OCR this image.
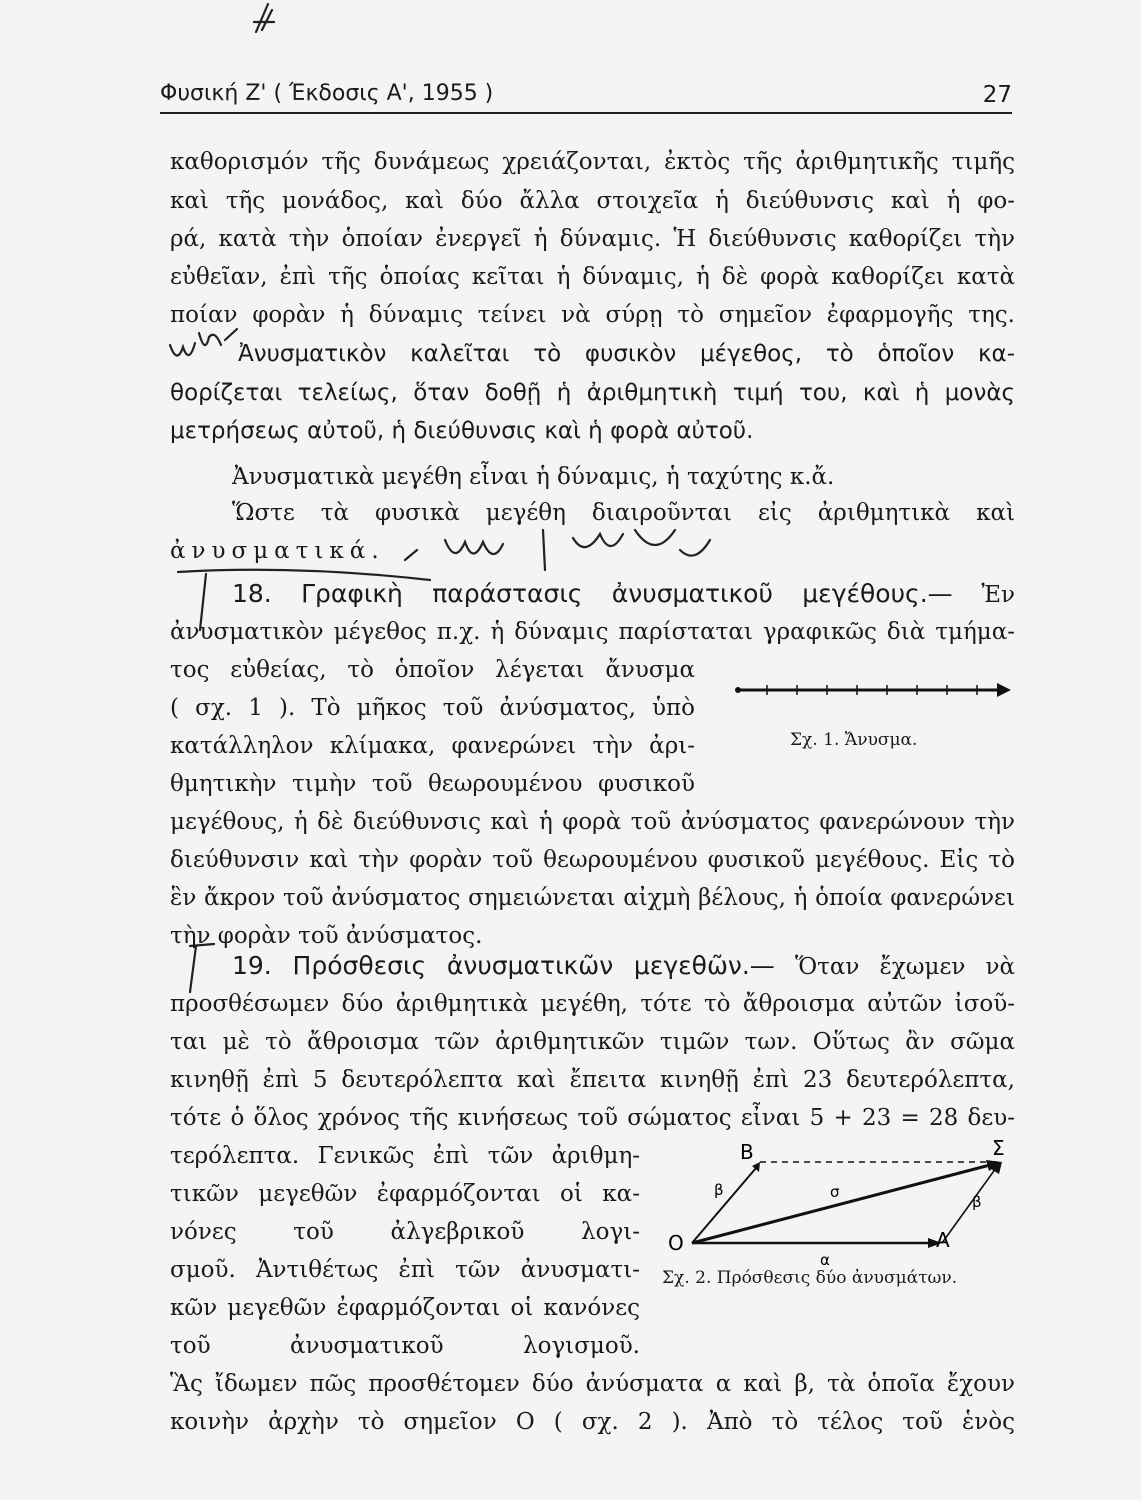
Φυσική Ζ' ( Έκδοσις Α', 1955 )	27
καθορισμόν τῆς δυνάμεως χρειάζονται, ἐκτὸς τῆς ἀριθμητικῆς τιμῆς
καὶ τῆς μονάδος, καὶ δύο ἄλλα στοιχεῖα ἡ διεύθυνσις καὶ ἡ φο-
ρά, κατὰ τὴν ὁποίαν ἐνεργεῖ ἡ δύναμις. Ἡ διεύθυνσις καθορίζει τὴν
εὐθεῖαν, ἐπὶ τῆς ὁποίας κεῖται ἡ δύναμις, ἡ δὲ φορὰ καθορίζει κατὰ
ποίαν φορὰν ἡ δύναμις τείνει νὰ σύρῃ τὸ σημεῖον ἐφαρμογῆς της.
Ἀνυσματικὸν καλεῖται τὸ φυσικὸν μέγεθος, τὸ ὁποῖον κα-
θορίζεται τελείως, ὅταν δοθῇ ἡ ἀριθμητικὴ τιμή του, καὶ ἡ μονὰς
μετρήσεως αὐτοῦ, ἡ διεύθυνσις καὶ ἡ φορὰ αὐτοῦ.
Ἀνυσματικὰ μεγέθη εἶναι ἡ δύναμις, ἡ ταχύτης κ.ἄ.
Ὥστε τὰ φυσικὰ μεγέθη διαιροῦνται εἰς ἀριθμητικὰ καὶ
ἀνυσματικά.
18. Γραφικὴ παράστασις ἀνυσματικοῦ μεγέθους.— Ἐν
ἀνυσματικὸν μέγεθος π.χ. ἡ δύναμις παρίσταται γραφικῶς διὰ τμήμα-
τος εὐθείας, τὸ ὁποῖον λέγεται ἄνυσμα
( σχ. 1 ). Τὸ μῆκος τοῦ ἀνύσματος, ὑπὸ
κατάλληλον κλίμακα, φανερώνει τὴν ἀρι-
θμητικὴν τιμὴν τοῦ θεωρουμένου φυσικοῦ
μεγέθους, ἡ δὲ διεύθυνσις καὶ ἡ φορὰ τοῦ ἀνύσματος φανερώνουν τὴν
διεύθυνσιν καὶ τὴν φορὰν τοῦ θεωρουμένου φυσικοῦ μεγέθους. Εἰς τὸ
ἓν ἄκρον τοῦ ἀνύσματος σημειώνεται αἰχμὴ βέλους, ἡ ὁποία φανερώνει
τὴν φορὰν τοῦ ἀνύσματος.
Σχ. 1. Ἄνυσμα.
19. Πρόσθεσις ἀνυσματικῶν μεγεθῶν.— Ὅταν ἔχωμεν νὰ
προσθέσωμεν δύο ἀριθμητικὰ μεγέθη, τότε τὸ ἄθροισμα αὐτῶν ἰσοῦ-
ται μὲ τὸ ἄθροισμα τῶν ἀριθμητικῶν τιμῶν των. Οὕτως ἂν σῶμα
κινηθῇ ἐπὶ 5 δευτερόλεπτα καὶ ἔπειτα κινηθῇ ἐπὶ 23 δευτερόλεπτα,
τότε ὁ ὅλος χρόνος τῆς κινήσεως τοῦ σώματος εἶναι 5 + 23 = 28 δευ-
τερόλεπτα. Γενικῶς ἐπὶ τῶν ἀριθμη-
τικῶν μεγεθῶν ἐφαρμόζονται οἱ κα-
νόνες τοῦ ἀλγεβρικοῦ λογι-
σμοῦ. Ἀντιθέτως ἐπὶ τῶν ἀνυσματι-
κῶν μεγεθῶν ἐφαρμόζονται οἱ κανόνες
τοῦ ἀνυσματικοῦ λογισμοῦ.
Ἃς ἴδωμεν πῶς προσθέτομεν δύο ἀνύσματα α καὶ β, τὰ ὁποῖα ἔχουν
κοινὴν ἀρχὴν τὸ σημεῖον Ο ( σχ. 2 ). Ἀπὸ τὸ τέλος τοῦ ἑνὸς
O	A
B	Σ
α
β
β
σ
Σχ. 2. Πρόσθεσις δύο ἀνυσμάτων.
